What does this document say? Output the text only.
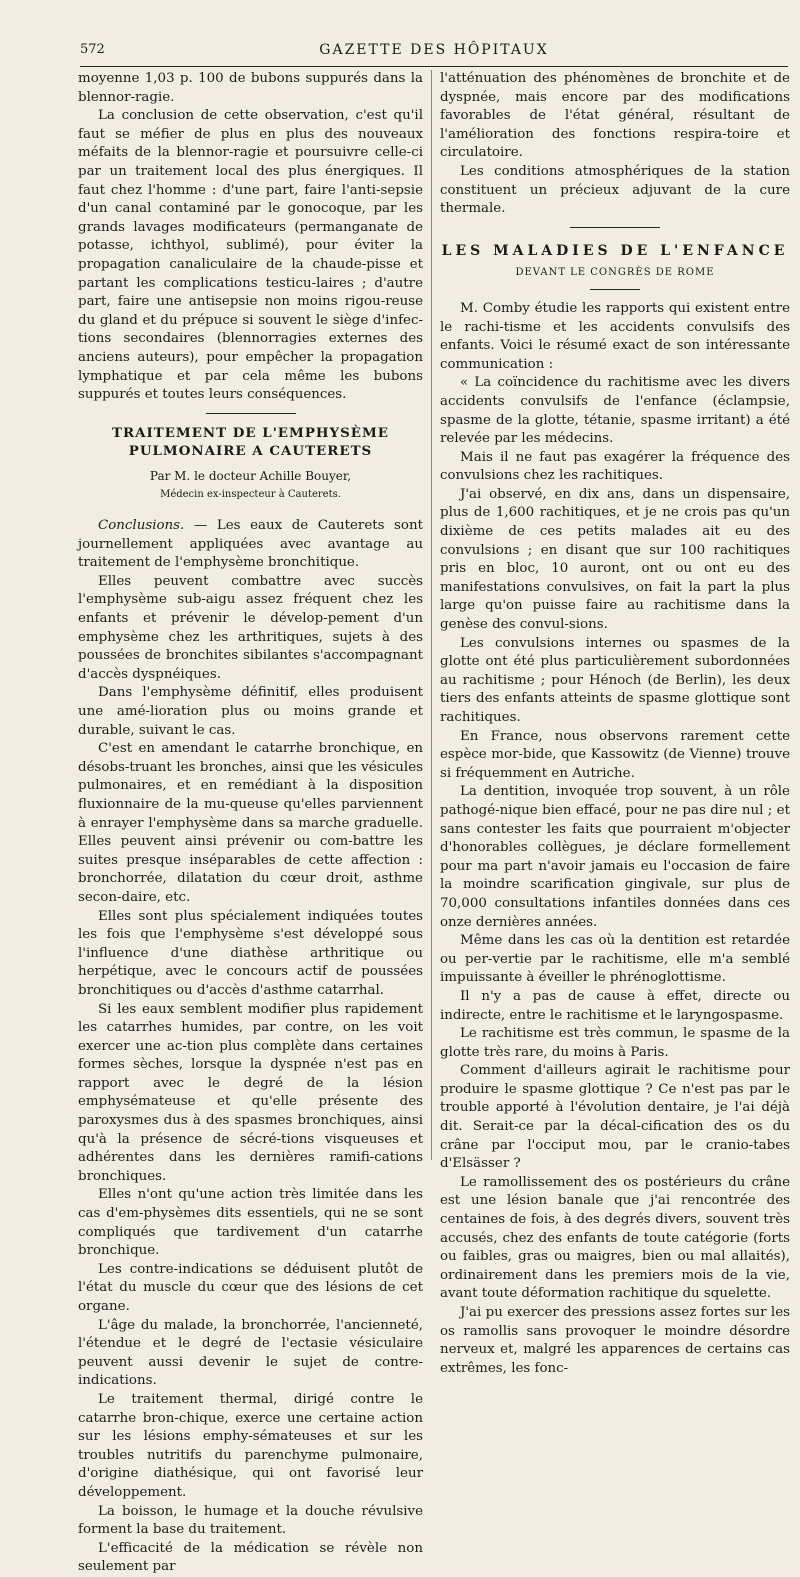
572	GAZETTE DES HÔPITAUX

moyenne 1,03 p. 100 de bubons suppurés dans la blennor-ragie.

La conclusion de cette observation, c'est qu'il faut se méfier de plus en plus des nouveaux méfaits de la blennor-ragie et poursuivre celle-ci par un traitement local des plus énergiques. Il faut chez l'homme : d'une part, faire l'anti-sepsie d'un canal contaminé par le gonocoque, par les grands lavages modificateurs (permanganate de potasse, ichthyol, sublimé), pour éviter la propagation canaliculaire de la chaude-pisse et partant les complications testicu-laires ; d'autre part, faire une antisepsie non moins rigou-reuse du gland et du prépuce si souvent le siège d'infec-tions secondaires (blennorragies externes des anciens auteurs), pour empêcher la propagation lymphatique et par cela même les bubons suppurés et toutes leurs conséquences.

TRAITEMENT DE L'EMPHYSÈME PULMONAIRE A CAUTERETS
Par M. le docteur Achille Bouyer,
Médecin ex-inspecteur à Cauterets.

Conclusions. — Les eaux de Cauterets sont journellement appliquées avec avantage au traitement de l'emphysème bronchitique.

Elles peuvent combattre avec succès l'emphysème sub-aigu assez fréquent chez les enfants et prévenir le dévelop-pement d'un emphysème chez les arthritiques, sujets à des poussées de bronchites sibilantes s'accompagnant d'accès dyspnéiques.

Dans l'emphysème définitif, elles produisent une amé-lioration plus ou moins grande et durable, suivant le cas.

C'est en amendant le catarrhe bronchique, en désobs-truant les bronches, ainsi que les vésicules pulmonaires, et en remédiant à la disposition fluxionnaire de la mu-queuse qu'elles parviennent à enrayer l'emphysème dans sa marche graduelle. Elles peuvent ainsi prévenir ou com-battre les suites presque inséparables de cette affection : bronchorrée, dilatation du cœur droit, asthme secon-daire, etc.

Elles sont plus spécialement indiquées toutes les fois que l'emphysème s'est développé sous l'influence d'une diathèse arthritique ou herpétique, avec le concours actif de poussées bronchitiques ou d'accès d'asthme catarrhal.

Si les eaux semblent modifier plus rapidement les catarrhes humides, par contre, on les voit exercer une ac-tion plus complète dans certaines formes sèches, lorsque la dyspnée n'est pas en rapport avec le degré de la lésion emphysémateuse et qu'elle présente des paroxysmes dus à des spasmes bronchiques, ainsi qu'à la présence de sécré-tions visqueuses et adhérentes dans les dernières ramifi-cations bronchiques.

Elles n'ont qu'une action très limitée dans les cas d'em-physèmes dits essentiels, qui ne se sont compliqués que tardivement d'un catarrhe bronchique.

Les contre-indications se déduisent plutôt de l'état du muscle du cœur que des lésions de cet organe.

L'âge du malade, la bronchorrée, l'ancienneté, l'étendue et le degré de l'ectasie vésiculaire peuvent aussi devenir le sujet de contre-indications.

Le traitement thermal, dirigé contre le catarrhe bron-chique, exerce une certaine action sur les lésions emphy-sémateuses et sur les troubles nutritifs du parenchyme pulmonaire, d'origine diathésique, qui ont favorisé leur développement.

La boisson, le humage et la douche révulsive forment la base du traitement.

L'efficacité de la médication se révèle non seulement par

l'atténuation des phénomènes de bronchite et de dyspnée, mais encore par des modifications favorables de l'état général, résultant de l'amélioration des fonctions respira-toire et circulatoire.

Les conditions atmosphériques de la station constituent un précieux adjuvant de la cure thermale.

LES MALADIES DE L'ENFANCE
DEVANT LE CONGRÈS DE ROME

M. Comby étudie les rapports qui existent entre le rachi-tisme et les accidents convulsifs des enfants. Voici le résumé exact de son intéressante communication :

« La coïncidence du rachitisme avec les divers accidents convulsifs de l'enfance (éclampsie, spasme de la glotte, tétanie, spasme irritant) a été relevée par les médecins.

Mais il ne faut pas exagérer la fréquence des convulsions chez les rachitiques.

J'ai observé, en dix ans, dans un dispensaire, plus de 1,600 rachitiques, et je ne crois pas qu'un dixième de ces petits malades ait eu des convulsions ; en disant que sur 100 rachitiques pris en bloc, 10 auront, ont ou ont eu des manifestations convulsives, on fait la part la plus large qu'on puisse faire au rachitisme dans la genèse des convul-sions.

Les convulsions internes ou spasmes de la glotte ont été plus particulièrement subordonnées au rachitisme ; pour Hénoch (de Berlin), les deux tiers des enfants atteints de spasme glottique sont rachitiques.

En France, nous observons rarement cette espèce mor-bide, que Kassowitz (de Vienne) trouve si fréquemment en Autriche.

La dentition, invoquée trop souvent, à un rôle pathogé-nique bien effacé, pour ne pas dire nul ; et sans contester les faits que pourraient m'objecter d'honorables collègues, je déclare formellement pour ma part n'avoir jamais eu l'occasion de faire la moindre scarification gingivale, sur plus de 70,000 consultations infantiles données dans ces onze dernières années.

Même dans les cas où la dentition est retardée ou per-vertie par le rachitisme, elle m'a semblé impuissante à éveiller le phrénoglottisme.

Il n'y a pas de cause à effet, directe ou indirecte, entre le rachitisme et le laryngospasme.

Le rachitisme est très commun, le spasme de la glotte très rare, du moins à Paris.

Comment d'ailleurs agirait le rachitisme pour produire le spasme glottique ? Ce n'est pas par le trouble apporté à l'évolution dentaire, je l'ai déjà dit. Serait-ce par la décal-cification des os du crâne par l'occiput mou, par le cranio-tabes d'Elsässer ?

Le ramollissement des os postérieurs du crâne est une lésion banale que j'ai rencontrée des centaines de fois, à des degrés divers, souvent très accusés, chez des enfants de toute catégorie (forts ou faibles, gras ou maigres, bien ou mal allaités), ordinairement dans les premiers mois de la vie, avant toute déformation rachitique du squelette.

J'ai pu exercer des pressions assez fortes sur les os ramollis sans provoquer le moindre désordre nerveux et, malgré les apparences de certains cas extrêmes, les fonc-
